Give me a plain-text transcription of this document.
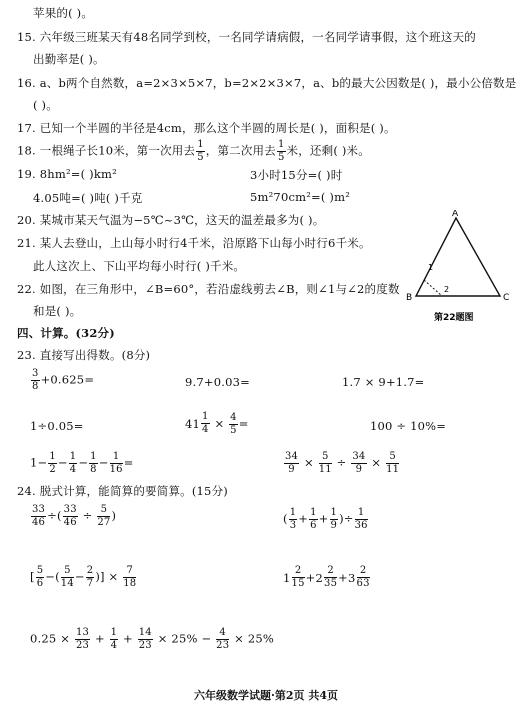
苹果的( )。
15. 六年级三班某天有48名同学到校，一名同学请病假，一名同学请事假，这个班这天的
出勤率是( )。
16. a、b两个自然数，a=2×3×5×7，b=2×2×3×7，a、b的最大公因数是( )，最小公倍数是
( )。
17. 已知一个半圆的半径是4cm，那么这个半圆的周长是( )，面积是( )。
18. 一根绳子长10米，第一次用去 $\frac{1}{5}$ ，第二次用去 $\frac{1}{5}$ 米，还剩( )米。
19. 8hm²=( )km²	3小时15分=( )时
4.05吨=( )吨( )千克	5m²70cm²=( )m²
20. 某城市某天气温为−5℃~3℃，这天的温差最多为( )。
21. 某人去登山，上山每小时行4千米，沿原路下山每小时行6千米。
此人这次上、下山平均每小时行( )千米。
22. 如图，在三角形中，∠B=60°，若沿虚线剪去∠B，则∠1与∠2的度数
和是( )。
A
B	C
1
2
第22题图
四、计算。(32分)
23. 直接写出得数。(8分)
$\frac{3}{8} +0.625=$	9.7+0.03=	1.7 × 9+1.7=
1÷0.05=	$41 \frac{1}{4} \times \frac{4}{5}$ =	100 ÷ 10%=
$1- \frac{1}{2} - \frac{1}{4} - \frac{1}{8} - \frac{1}{16}$ =	$\frac{34}{9} \times \frac{5}{11} \div \frac{34}{9} \times \frac{5}{11}$
24. 脱式计算，能简算的要简算。(15分)
$\frac{33}{46}$ ÷( $\frac{33}{46} \div \frac{5}{27}$ )	( $\frac{1}{3} + \frac{1}{6} + \frac{1}{9}$ )÷ $\frac{1}{36}$
[ $\frac{5}{6}$ −( $\frac{5}{14} - \frac{2}{7}$ )] × $\frac{7}{18}$	$1 \frac{2}{15} + 2 \frac{2}{35} + 3 \frac{2}{63}$
$0.25 \times \frac{13}{23} + \frac{1}{4} + \frac{14}{23} \times 25\% - \frac{4}{23} \times 25\%$
六年级数学试题·第2页 共4页
